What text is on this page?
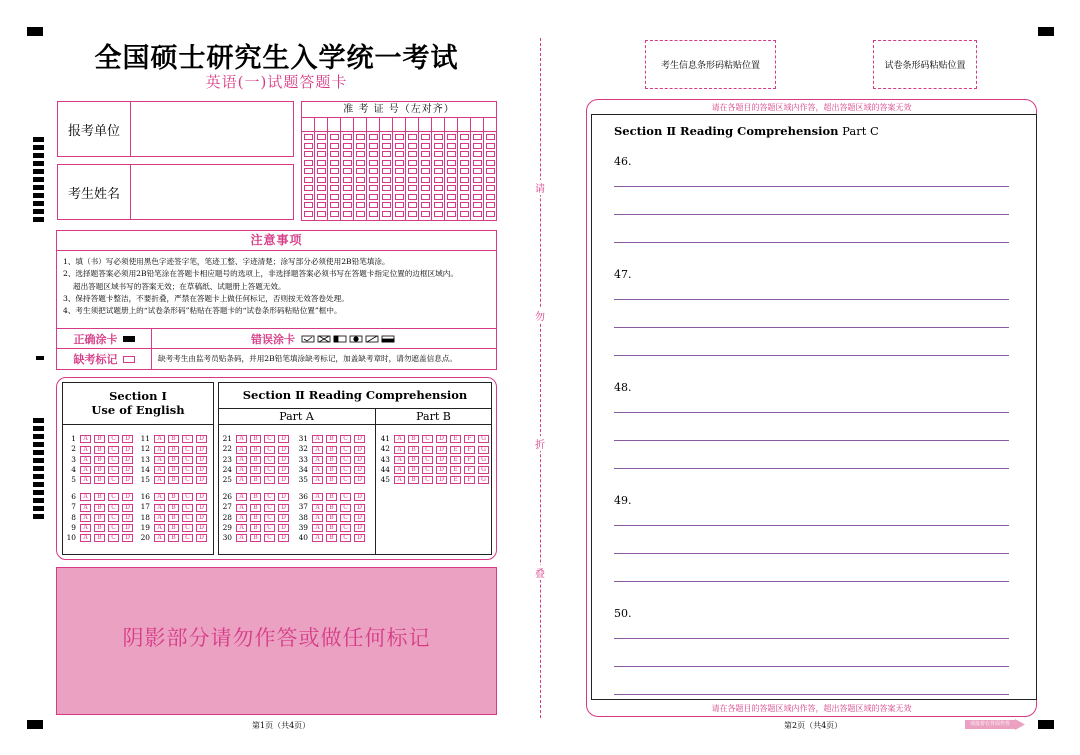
全国硕士研究生入学统一考试
英语(一)试题答题卡
报考单位
考生姓名
准 考 证 号（左对齐）
注意事项
1、填（书）写必须使用黑色字迹签字笔，笔迹工整、字迹清楚；涂写部分必须使用2B铅笔填涂。
2、选择题答案必须用2B铅笔涂在答题卡相应题号的选项上，非选择题答案必须书写在答题卡指定位置的边框区域内。
超出答题区域书写的答案无效；在草稿纸、试题册上答题无效。
3、保持答题卡整洁，不要折叠，严禁在答题卡上做任何标记，否则按无效答卷处理。
4、考生须把试题册上的“试卷条形码”粘贴在答题卡的“试卷条形码粘贴位置”框中。
正确涂卡	错误涂卡
缺考标记	缺考考生由监考员贴条码，并用2B铅笔填涂缺考标记，加盖缺考章时，请勿遮盖信息点。
Section Ⅰ
Use of English
Section Ⅱ Reading Comprehension
Part A	Part B
1	A	B	C	D	11	A	B	C	D	21	A	B	C	D	31	A	B	C	D
2	A	B	C	D	12	A	B	C	D	22	A	B	C	D	32	A	B	C	D
3	A	B	C	D	13	A	B	C	D	23	A	B	C	D	33	A	B	C	D
4	A	B	C	D	14	A	B	C	D	24	A	B	C	D	34	A	B	C	D
5	A	B	C	D	15	A	B	C	D	25	A	B	C	D	35	A	B	C	D
6	A	B	C	D	16	A	B	C	D	26	A	B	C	D	36	A	B	C	D
7	A	B	C	D	17	A	B	C	D	27	A	B	C	D	37	A	B	C	D
8	A	B	C	D	18	A	B	C	D	28	A	B	C	D	38	A	B	C	D
9	A	B	C	D	19	A	B	C	D	29	A	B	C	D	39	A	B	C	D
10	A	B	C	D	20	A	B	C	D	30	A	B	C	D	40	A	B	C	D
41	A	B	C	D	E	F	G
42	A	B	C	D	E	F	G
43	A	B	C	D	E	F	G
44	A	B	C	D	E	F	G
45	A	B	C	D	E	F	G
阴影部分请勿作答或做任何标记
第1页（共4页）
请
勿
折
叠
考生信息条形码粘贴位置	试卷条形码粘贴位置
请在各题目的答题区域内作答，超出答题区域的答案无效
请在各题目的答题区域内作答，超出答题区域的答案无效
Section Ⅱ Reading Comprehension Part C
46.
47.
48.
49.
50.
第2页（共4页）	请接着在背面作答
